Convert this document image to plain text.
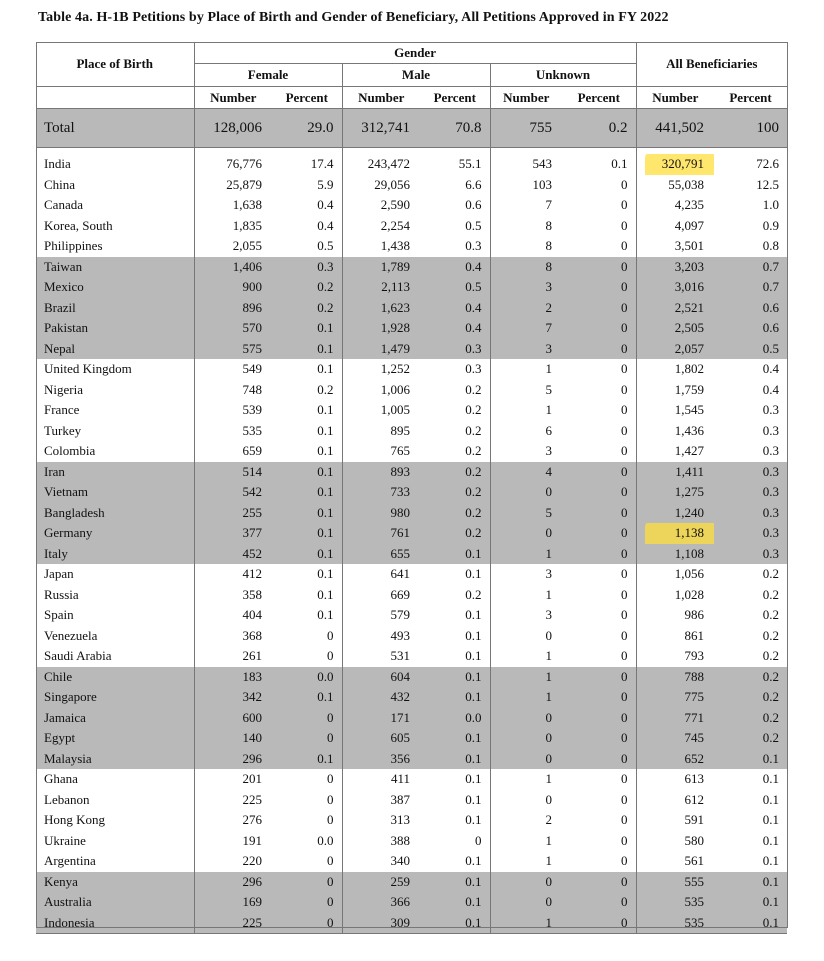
Table 4a. H-1B Petitions by Place of Birth and Gender of Beneficiary, All Petitions Approved in FY 2022
Place of Birth	Gender						All Beneficiaries	
	Female		Male		Unknown			
	Number	Percent	Number	Percent	Number	Percent	Number	Percent
Total	128,006	29.0	312,741	70.8	755	0.2	441,502	100

India	76,776	17.4	243,472	55.1	543	0.1	320,791	72.6
China	25,879	5.9	29,056	6.6	103	0	55,038	12.5
Canada	1,638	0.4	2,590	0.6	7	0	4,235	1.0
Korea, South	1,835	0.4	2,254	0.5	8	0	4,097	0.9
Philippines	2,055	0.5	1,438	0.3	8	0	3,501	0.8
Taiwan	1,406	0.3	1,789	0.4	8	0	3,203	0.7
Mexico	900	0.2	2,113	0.5	3	0	3,016	0.7
Brazil	896	0.2	1,623	0.4	2	0	2,521	0.6
Pakistan	570	0.1	1,928	0.4	7	0	2,505	0.6
Nepal	575	0.1	1,479	0.3	3	0	2,057	0.5
United Kingdom	549	0.1	1,252	0.3	1	0	1,802	0.4
Nigeria	748	0.2	1,006	0.2	5	0	1,759	0.4
France	539	0.1	1,005	0.2	1	0	1,545	0.3
Turkey	535	0.1	895	0.2	6	0	1,436	0.3
Colombia	659	0.1	765	0.2	3	0	1,427	0.3
Iran	514	0.1	893	0.2	4	0	1,411	0.3
Vietnam	542	0.1	733	0.2	0	0	1,275	0.3
Bangladesh	255	0.1	980	0.2	5	0	1,240	0.3
Germany	377	0.1	761	0.2	0	0	1,138	0.3
Italy	452	0.1	655	0.1	1	0	1,108	0.3
Japan	412	0.1	641	0.1	3	0	1,056	0.2
Russia	358	0.1	669	0.2	1	0	1,028	0.2
Spain	404	0.1	579	0.1	3	0	986	0.2
Venezuela	368	0	493	0.1	0	0	861	0.2
Saudi Arabia	261	0	531	0.1	1	0	793	0.2
Chile	183	0.0	604	0.1	1	0	788	0.2
Singapore	342	0.1	432	0.1	1	0	775	0.2
Jamaica	600	0	171	0.0	0	0	771	0.2
Egypt	140	0	605	0.1	0	0	745	0.2
Malaysia	296	0.1	356	0.1	0	0	652	0.1
Ghana	201	0	411	0.1	1	0	613	0.1
Lebanon	225	0	387	0.1	0	0	612	0.1
Hong Kong	276	0	313	0.1	2	0	591	0.1
Ukraine	191	0.0	388	0	1	0	580	0.1
Argentina	220	0	340	0.1	1	0	561	0.1
Kenya	296	0	259	0.1	0	0	555	0.1
Australia	169	0	366	0.1	0	0	535	0.1
Indonesia	225	0	309	0.1	1	0	535	0.1
